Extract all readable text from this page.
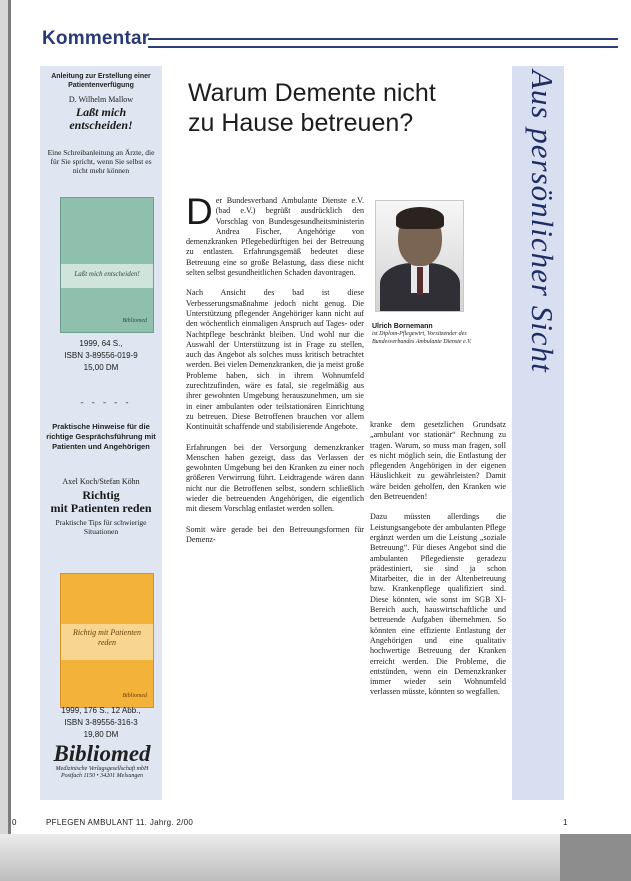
Kommentar
Anleitung zur Erstellung einer Patientenverfügung
D. Wilhelm Mallow
Laßt mich entscheiden!
Eine Schreibanleitung an Ärzte, die für Sie spricht, wenn Sie selbst es nicht mehr können
Laßt mich entscheiden!
Bibliomed
1999, 64 S.,
ISBN 3-89556-019-9
15,00 DM
- - - - -
Praktische Hinweise für die richtige Gesprächsführung mit Patienten und Angehörigen
Axel Koch/Stefan Köhn
Richtig
mit Patienten reden
Praktische Tips für schwierige Situationen
Richtig mit Patienten reden
Bibliomed
1999, 176 S., 12 Abb.,
ISBN 3-89556-316-3
19,80 DM
Bibliomed
Medizinische Verlagsgesellschaft mbH Postfach 1150 • 34201 Melsungen
Warum Demente nicht
zu Hause betreuen?	Aus persönlicher Sicht
Ulrich Bornemann
ist Diplom-Pflegewirt, Vorsitzender des Bundesverbandes Ambulante Dienste e.V.

Der Bundesverband Ambulante Dienste e.V. (bad e.V.) begrüßt ausdrücklich den Vorschlag von Bundesgesundheitsministerin Andrea Fischer, Angehörige von demenzkranken Pflegebedürftigen bei der Betreuung zu entlasten. Erfahrungsgemäß bedeutet diese Betreuung eine so große Belastung, dass diese nicht selten selbst gesundheitlichen Schaden davontragen.

Nach Ansicht des bad ist diese Verbesserungsmaßnahme jedoch nicht genug. Die Unterstützung pflegender Angehöriger kann nicht auf den wöchentlich einmaligen Anspruch auf Tages- oder Nachtpflege beschränkt bleiben. Und wohl nur die Auswahl der Unterstützung ist in Frage zu stellen, auch das Angebot als solches muss kritisch betrachtet werden. Bei vielen Demenzkranken, die ja meist große Probleme haben, sich in ihrem Wohnumfeld zurechtzufinden, wäre es fatal, sie regelmäßig aus ihrer gewohnten Umgebung herauszunehmen, um sie in einer ambulanten oder teilstationären Einrichtung zu betreuen. Diese Betroffenen brauchen vor allem Kontinuität schaffende und stabilisierende Angebote.

Erfahrungen bei der Versorgung demenzkranker Menschen haben gezeigt, dass das Verlassen der gewohnten Umgebung bei den Kranken zu einer noch größeren Verwirrung führt. Leidtragende wären dann nicht nur die Betroffenen selbst, sondern schließlich wieder die betreuenden Angehörigen, die eigentlich mit diesem Vorschlag entlastet werden sollen.

Somit wäre gerade bei den Betreuungsformen für Demenz-

kranke dem gesetzlichen Grundsatz „ambulant vor stationär“ Rechnung zu tragen. Warum, so muss man fragen, soll es nicht möglich sein, die Entlastung der pflegenden Angehörigen in der eigenen Häuslichkeit zu gewährleisten? Damit wäre beiden geholfen, den Kranken wie den Betreuenden!

Dazu müssten allerdings die Leistungsangebote der ambulanten Pflege ergänzt werden um die Leistung „soziale Betreuung“. Für dieses Angebot sind die ambulanten Pflegedienste geradezu prädestiniert, sie sind ja schon Mitarbeiter, die in der Altenbetreuung bzw. Krankenpflege qualifiziert sind. Diese könnten, wie sonst im SGB XI-Bereich auch, hauswirtschaftliche und betreuende Aufgaben übernehmen. So könnten eine effiziente Entlastung der Angehörigen und eine qualitativ hochwertige Betreuung der Kranken erreicht werden. Die Probleme, die entstünden, wenn ein Demenzkranker immer wieder sein Wohnumfeld verlassen müsste, könnten so wegfallen.

0	PFLEGEN AMBULANT 11. Jahrg. 2/00	1
